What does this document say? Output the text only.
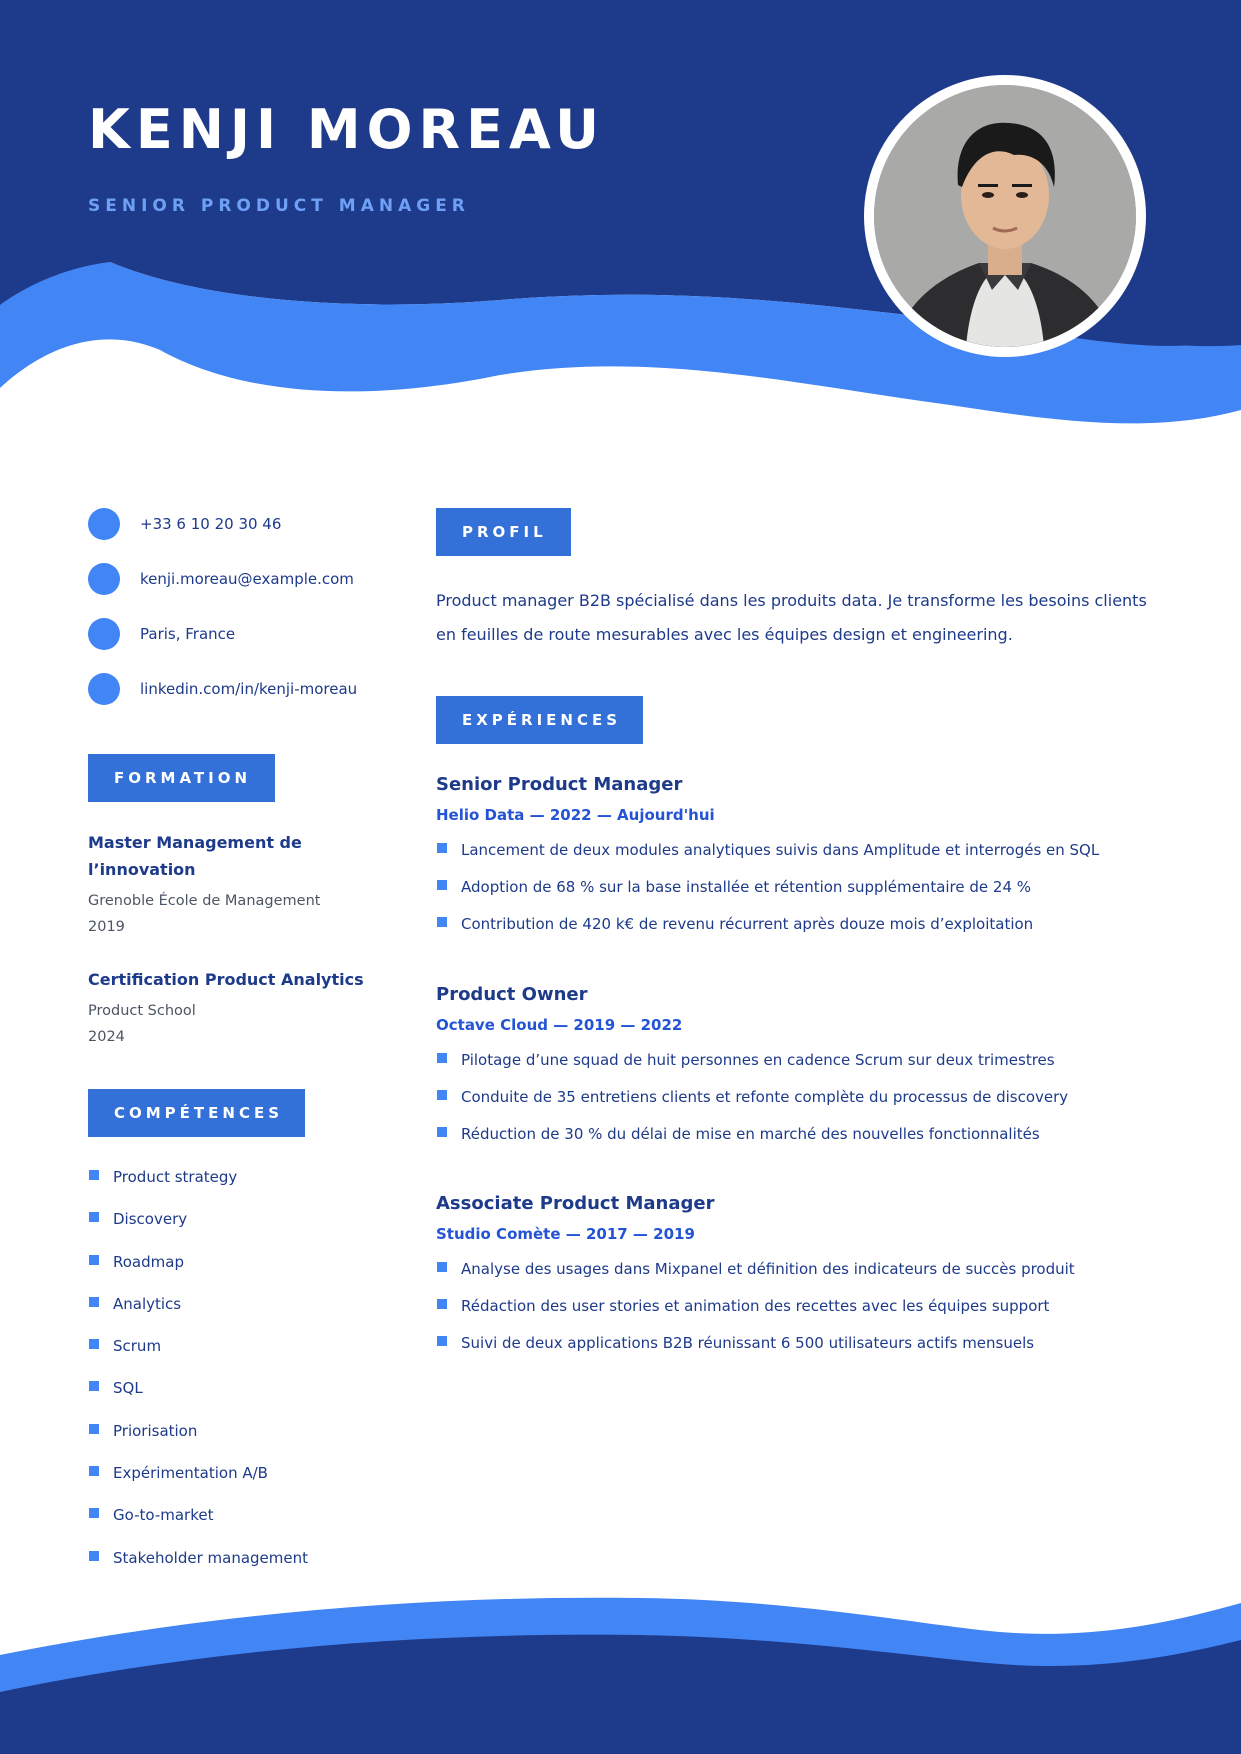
KENJI MOREAU
SENIOR PRODUCT MANAGER
+33 6 10 20 30 46
kenji.moreau@example.com
Paris, France
linkedin.com/in/kenji-moreau
FORMATION
Master Management de l’innovation
Grenoble École de Management
2019
Certification Product Analytics
Product School
2024
COMPÉTENCES
Product strategy
Discovery
Roadmap
Analytics
Scrum
SQL
Priorisation
Expérimentation A/B
Go-to-market
Stakeholder management
PROFIL
Product manager B2B spécialisé dans les produits data. Je transforme les besoins clients en feuilles de route mesurables avec les équipes design et engineering.
EXPÉRIENCES
Senior Product Manager
Helio Data — 2022 — Aujourd'hui
Lancement de deux modules analytiques suivis dans Amplitude et interrogés en SQL
Adoption de 68 % sur la base installée et rétention supplémentaire de 24 %
Contribution de 420 k€ de revenu récurrent après douze mois d’exploitation
Product Owner
Octave Cloud — 2019 — 2022
Pilotage d’une squad de huit personnes en cadence Scrum sur deux trimestres
Conduite de 35 entretiens clients et refonte complète du processus de discovery
Réduction de 30 % du délai de mise en marché des nouvelles fonctionnalités
Associate Product Manager
Studio Comète — 2017 — 2019
Analyse des usages dans Mixpanel et définition des indicateurs de succès produit
Rédaction des user stories et animation des recettes avec les équipes support
Suivi de deux applications B2B réunissant 6 500 utilisateurs actifs mensuels
